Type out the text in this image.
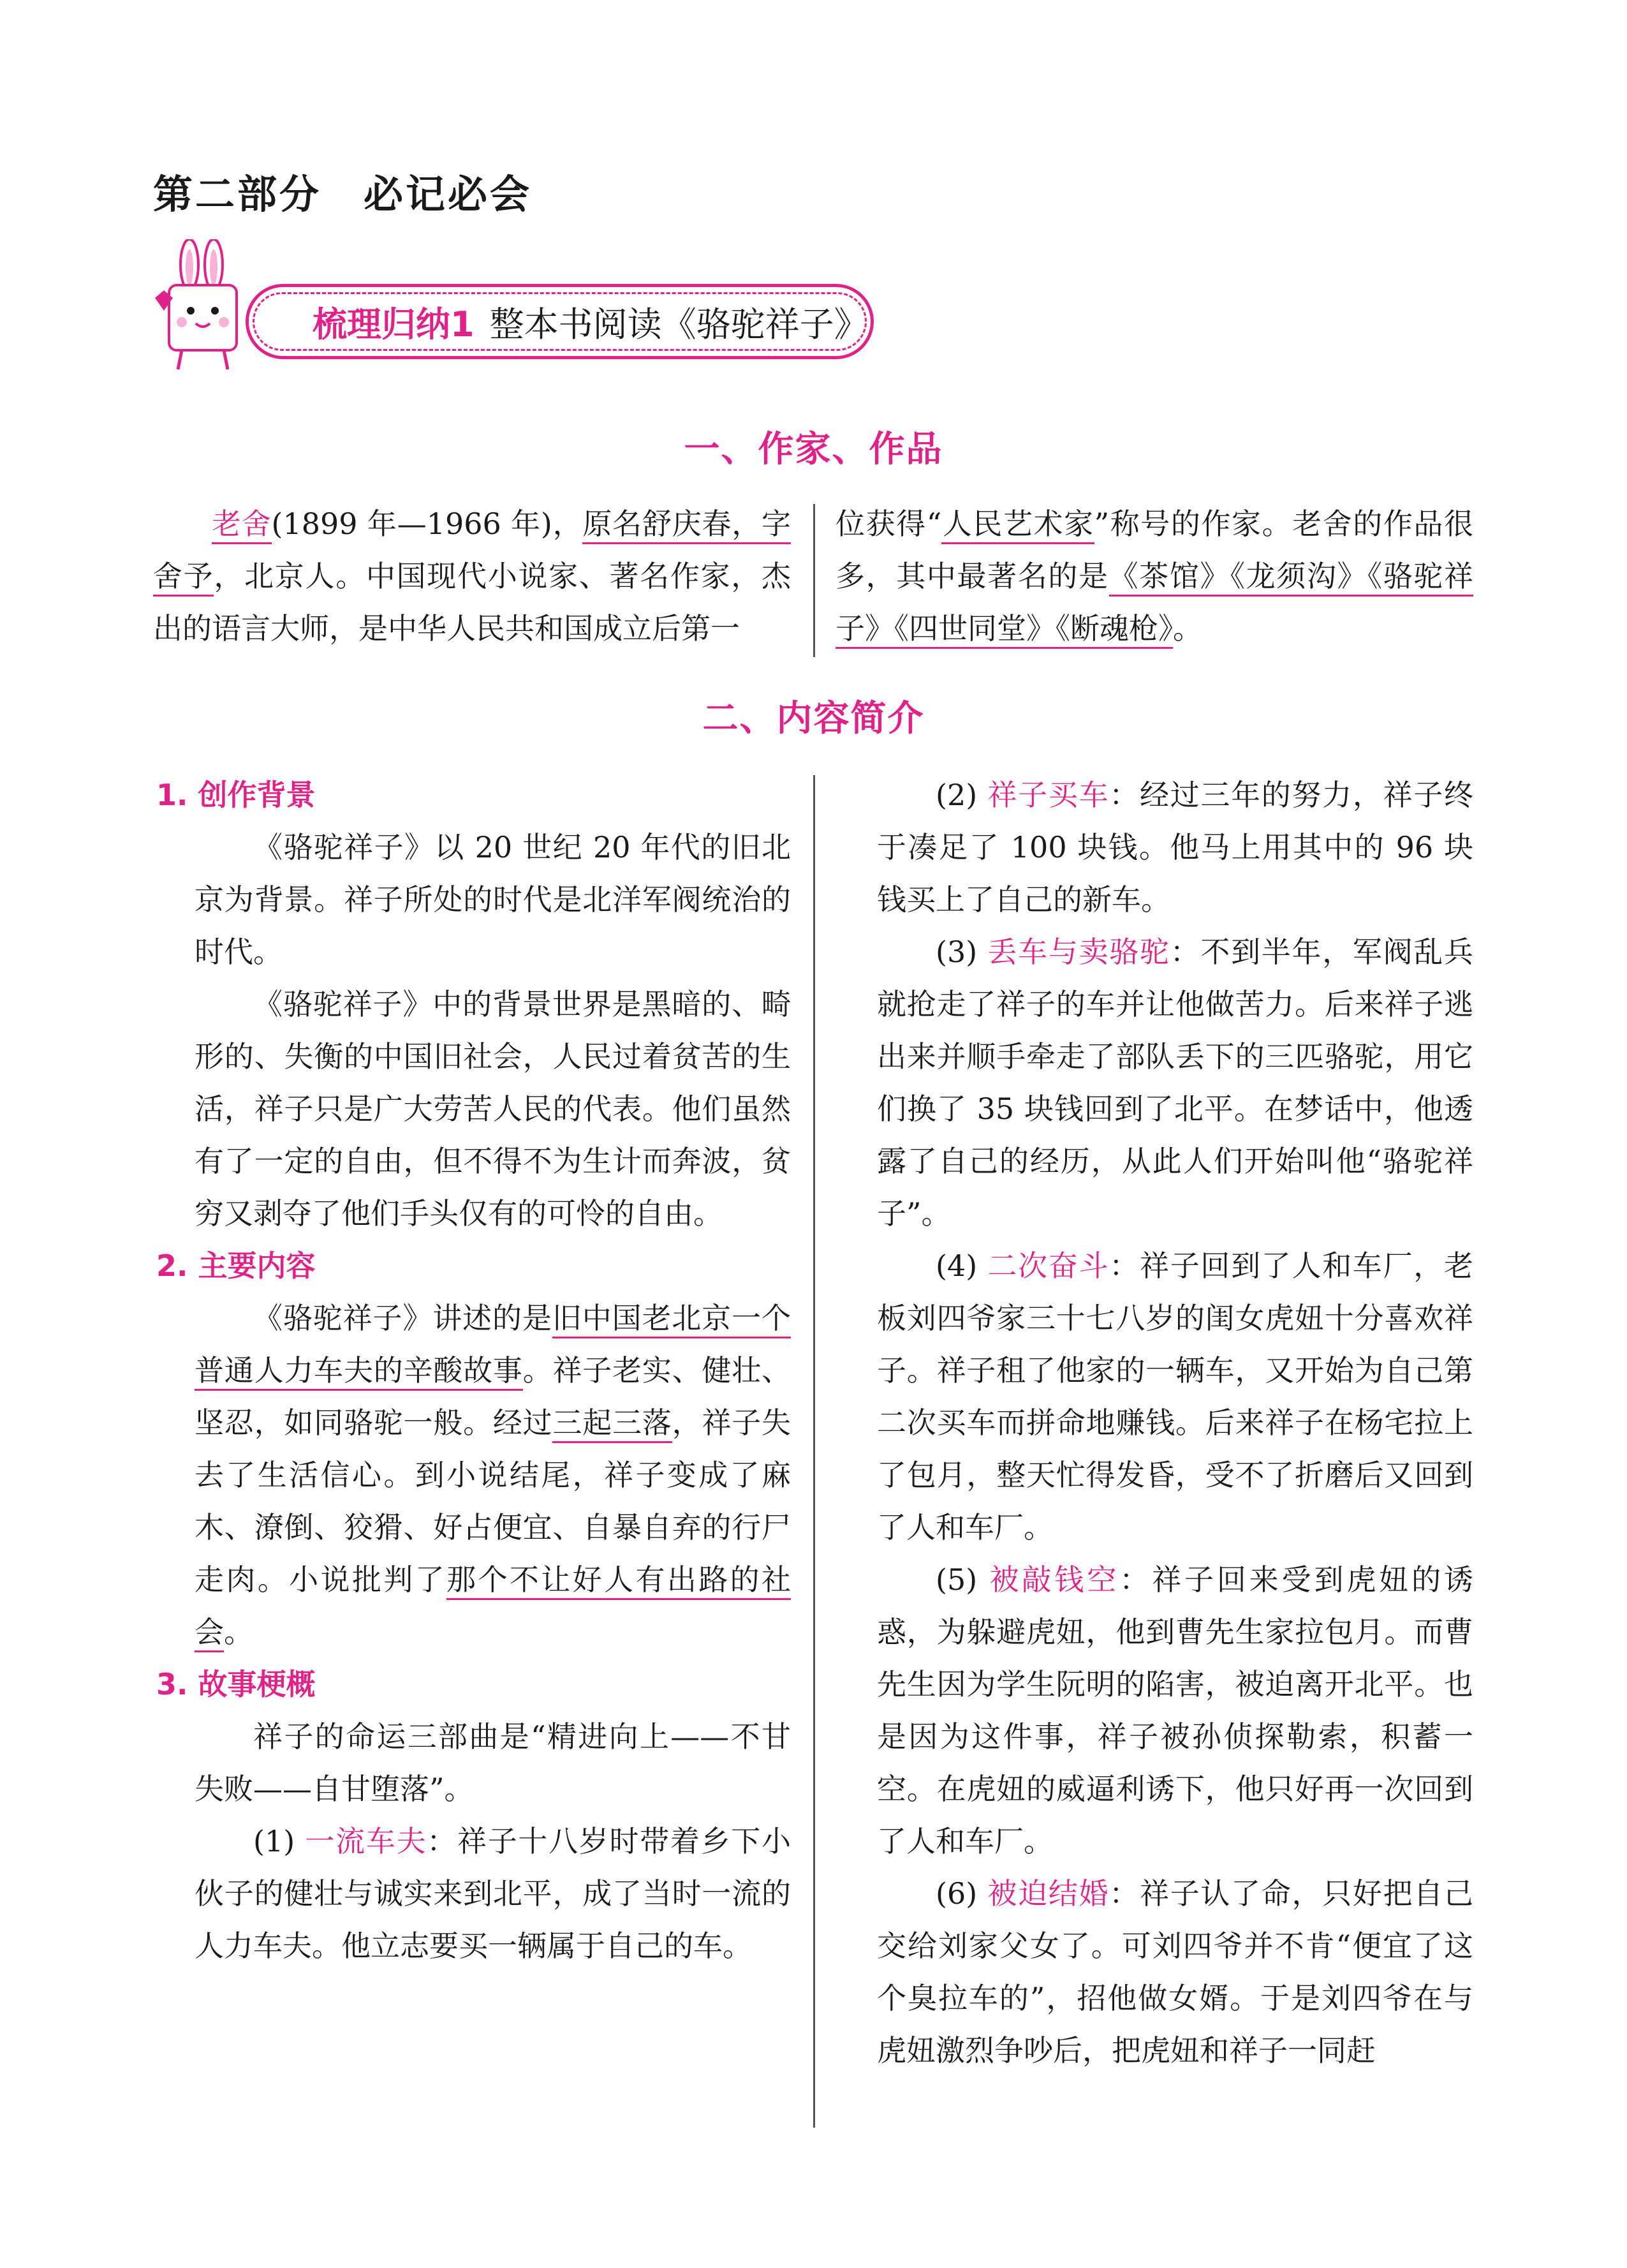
第二部分　必记必会
梳理归纳1 整本书阅读《骆驼祥子》
一、作家、作品

老舍(1899 年—1966 年)，原名舒庆春，字舍予，北京人。中国现代小说家、著名作家，杰出的语言大师，是中华人民共和国成立后第一

位获得“人民艺术家”称号的作家。老舍的作品很多，其中最著名的是《茶馆》《龙须沟》《骆驼祥子》《四世同堂》《断魂枪》。

二、内容简介

1. 创作背景

《骆驼祥子》以 20 世纪 20 年代的旧北京为背景。祥子所处的时代是北洋军阀统治的时代。

《骆驼祥子》中的背景世界是黑暗的、畸形的、失衡的中国旧社会，人民过着贫苦的生活，祥子只是广大劳苦人民的代表。他们虽然有了一定的自由，但不得不为生计而奔波，贫穷又剥夺了他们手头仅有的可怜的自由。

2. 主要内容

《骆驼祥子》讲述的是旧中国老北京一个普通人力车夫的辛酸故事。祥子老实、健壮、坚忍，如同骆驼一般。经过三起三落，祥子失去了生活信心。到小说结尾，祥子变成了麻木、潦倒、狡猾、好占便宜、自暴自弃的行尸走肉。小说批判了那个不让好人有出路的社会。

3. 故事梗概

祥子的命运三部曲是“精进向上——不甘失败——自甘堕落”。

(1) 一流车夫：祥子十八岁时带着乡下小伙子的健壮与诚实来到北平，成了当时一流的人力车夫。他立志要买一辆属于自己的车。

(2) 祥子买车：经过三年的努力，祥子终于凑足了 100 块钱。他马上用其中的 96 块钱买上了自己的新车。

(3) 丢车与卖骆驼：不到半年，军阀乱兵就抢走了祥子的车并让他做苦力。后来祥子逃出来并顺手牵走了部队丢下的三匹骆驼，用它们换了 35 块钱回到了北平。在梦话中，他透露了自己的经历，从此人们开始叫他“骆驼祥子”。

(4) 二次奋斗：祥子回到了人和车厂，老板刘四爷家三十七八岁的闺女虎妞十分喜欢祥子。祥子租了他家的一辆车，又开始为自己第二次买车而拼命地赚钱。后来祥子在杨宅拉上了包月，整天忙得发昏，受不了折磨后又回到了人和车厂。

(5) 被敲钱空：祥子回来受到虎妞的诱惑，为躲避虎妞，他到曹先生家拉包月。而曹先生因为学生阮明的陷害，被迫离开北平。也是因为这件事，祥子被孙侦探勒索，积蓄一空。在虎妞的威逼利诱下，他只好再一次回到了人和车厂。

(6) 被迫结婚：祥子认了命，只好把自己交给刘家父女了。可刘四爷并不肯“便宜了这个臭拉车的”，招他做女婿。于是刘四爷在与虎妞激烈争吵后，把虎妞和祥子一同赶
